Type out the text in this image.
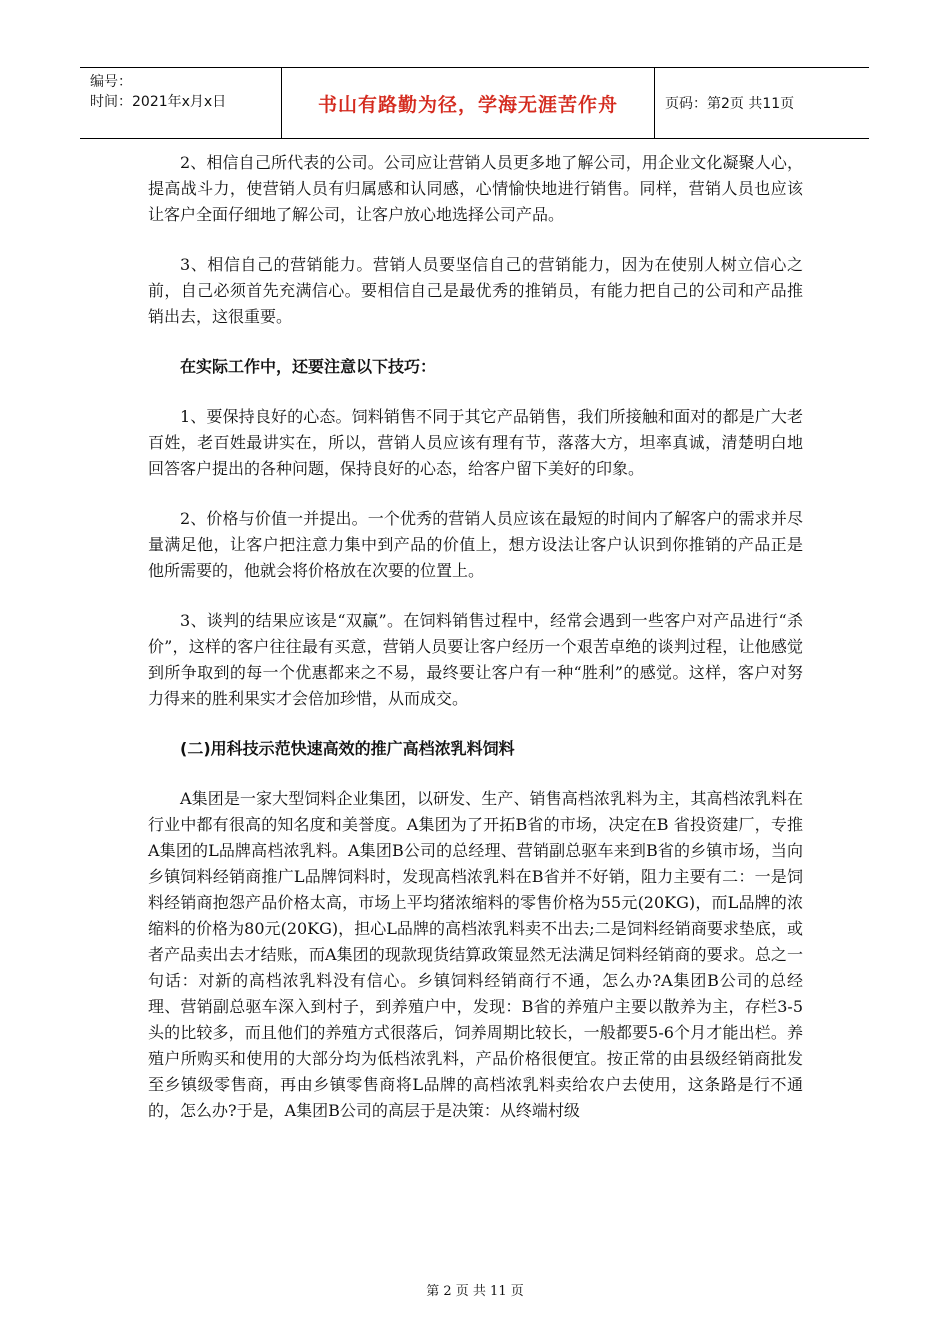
编号：
时间：2021年x月x日	书山有路勤为径，学海无涯苦作舟	页码：第2页 共11页

2、相信自己所代表的公司。公司应让营销人员更多地了解公司，用企业文化凝聚人心，提高战斗力，使营销人员有归属感和认同感，心情愉快地进行销售。同样，营销人员也应该让客户全面仔细地了解公司，让客户放心地选择公司产品。

3、相信自己的营销能力。营销人员要坚信自己的营销能力，因为在使别人树立信心之前，自己必须首先充满信心。要相信自己是最优秀的推销员，有能力把自己的公司和产品推销出去，这很重要。

在实际工作中，还要注意以下技巧：

1、要保持良好的心态。饲料销售不同于其它产品销售，我们所接触和面对的都是广大老百姓，老百姓最讲实在，所以，营销人员应该有理有节，落落大方，坦率真诚，清楚明白地回答客户提出的各种问题，保持良好的心态，给客户留下美好的印象。

2、价格与价值一并提出。一个优秀的营销人员应该在最短的时间内了解客户的需求并尽量满足他，让客户把注意力集中到产品的价值上，想方设法让客户认识到你推销的产品正是他所需要的，他就会将价格放在次要的位置上。

3、谈判的结果应该是“双赢”。在饲料销售过程中，经常会遇到一些客户对产品进行“杀价”，这样的客户往往最有买意，营销人员要让客户经历一个艰苦卓绝的谈判过程，让他感觉到所争取到的每一个优惠都来之不易，最终要让客户有一种“胜利”的感觉。这样，客户对努力得来的胜利果实才会倍加珍惜，从而成交。

(二)用科技示范快速高效的推广高档浓乳料饲料

A集团是一家大型饲料企业集团，以研发、生产、销售高档浓乳料为主，其高档浓乳料在行业中都有很高的知名度和美誉度。A集团为了开拓B省的市场，决定在B 省投资建厂，专推A集团的L品牌高档浓乳料。A集团B公司的总经理、营销副总驱车来到B省的乡镇市场，当向乡镇饲料经销商推广L品牌饲料时，发现高档浓乳料在B省并不好销，阻力主要有二：一是饲料经销商抱怨产品价格太高，市场上平均猪浓缩料的零售价格为55元(20KG)，而L品牌的浓缩料的价格为80元(20KG)，担心L品牌的高档浓乳料卖不出去;二是饲料经销商要求垫底，或者产品卖出去才结账，而A集团的现款现货结算政策显然无法满足饲料经销商的要求。总之一句话：对新的高档浓乳料没有信心。乡镇饲料经销商行不通，怎么办?A集团B公司的总经理、营销副总驱车深入到村子，到养殖户中，发现：B省的养殖户主要以散养为主，存栏3-5头的比较多，而且他们的养殖方式很落后，饲养周期比较长，一般都要5-6个月才能出栏。养殖户所购买和使用的大部分均为低档浓乳料，产品价格很便宜。按正常的由县级经销商批发至乡镇级零售商，再由乡镇零售商将L品牌的高档浓乳料卖给农户去使用，这条路是行不通的，怎么办?于是，A集团B公司的高层于是决策：从终端村级

第 2 页 共 11 页
